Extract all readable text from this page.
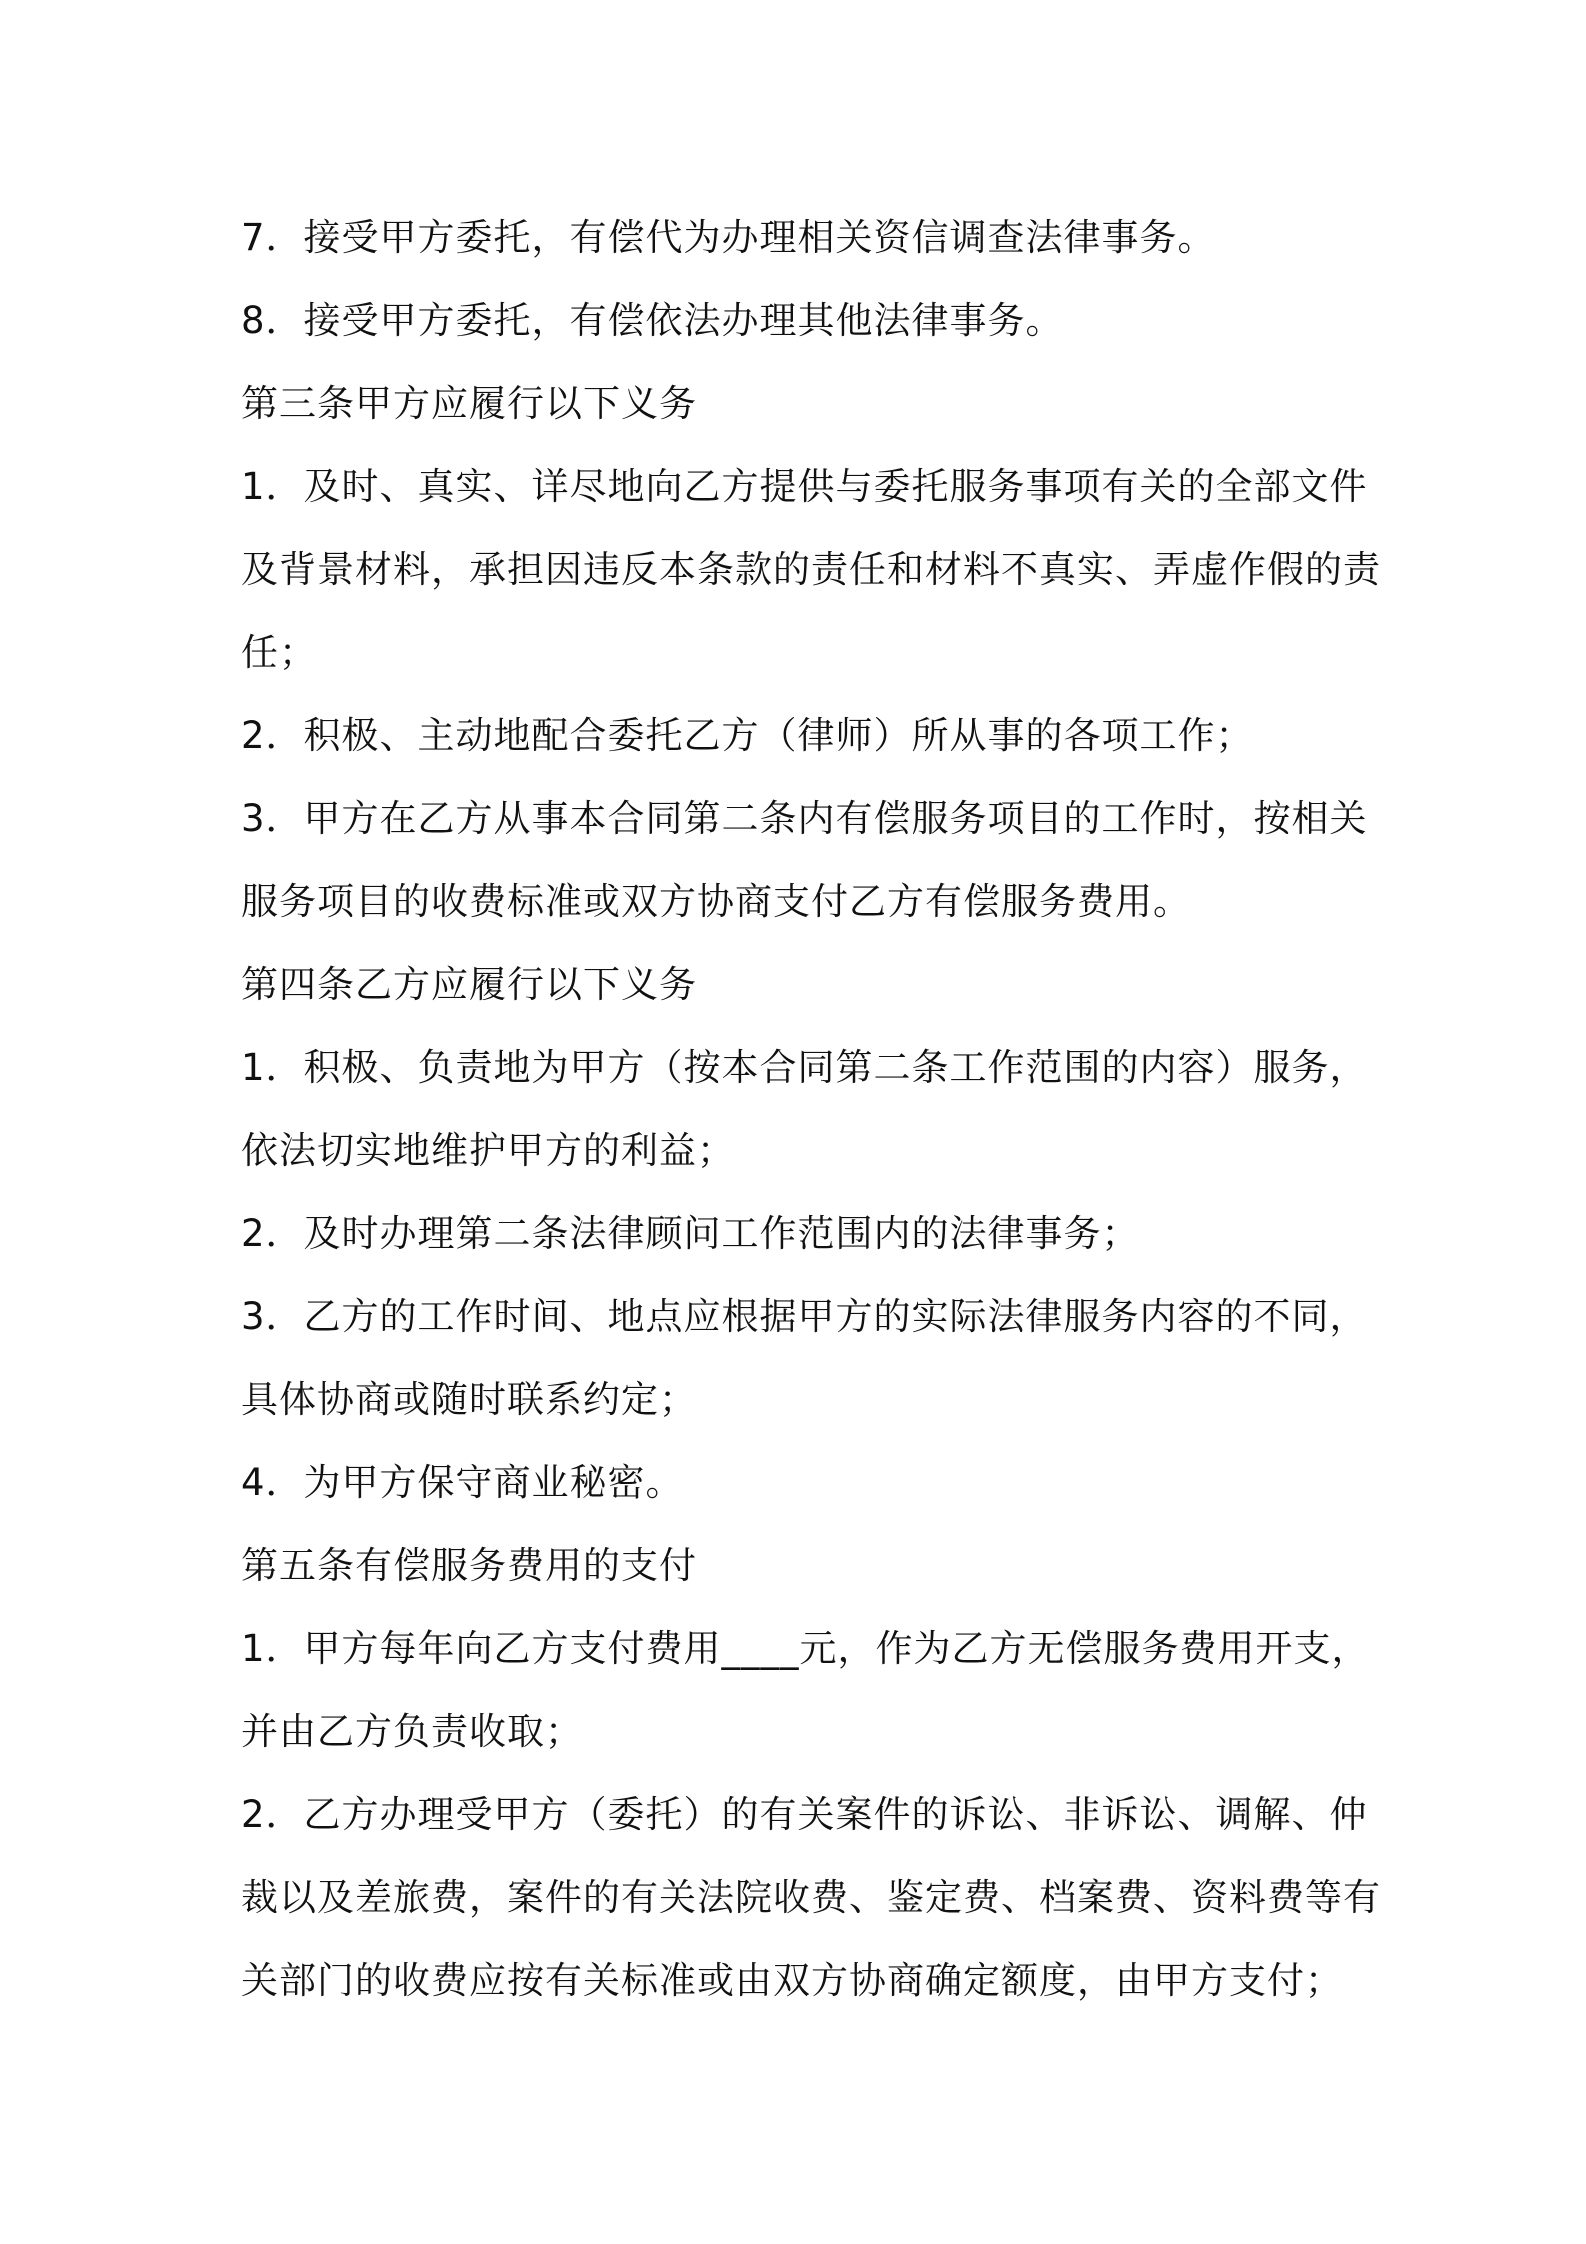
7．接受甲方委托，有偿代为办理相关资信调查法律事务。
8．接受甲方委托，有偿依法办理其他法律事务。
第三条甲方应履行以下义务
1．及时、真实、详尽地向乙方提供与委托服务事项有关的全部文件
及背景材料，承担因违反本条款的责任和材料不真实、弄虚作假的责
任；
2．积极、主动地配合委托乙方（律师）所从事的各项工作；
3．甲方在乙方从事本合同第二条内有偿服务项目的工作时，按相关
服务项目的收费标准或双方协商支付乙方有偿服务费用。
第四条乙方应履行以下义务
1．积极、负责地为甲方（按本合同第二条工作范围的内容）服务，
依法切实地维护甲方的利益；
2．及时办理第二条法律顾问工作范围内的法律事务；
3．乙方的工作时间、地点应根据甲方的实际法律服务内容的不同，
具体协商或随时联系约定；
4．为甲方保守商业秘密。
第五条有偿服务费用的支付
1．甲方每年向乙方支付费用____元，作为乙方无偿服务费用开支，
并由乙方负责收取；
2．乙方办理受甲方（委托）的有关案件的诉讼、非诉讼、调解、仲
裁以及差旅费，案件的有关法院收费、鉴定费、档案费、资料费等有
关部门的收费应按有关标准或由双方协商确定额度，由甲方支付；
